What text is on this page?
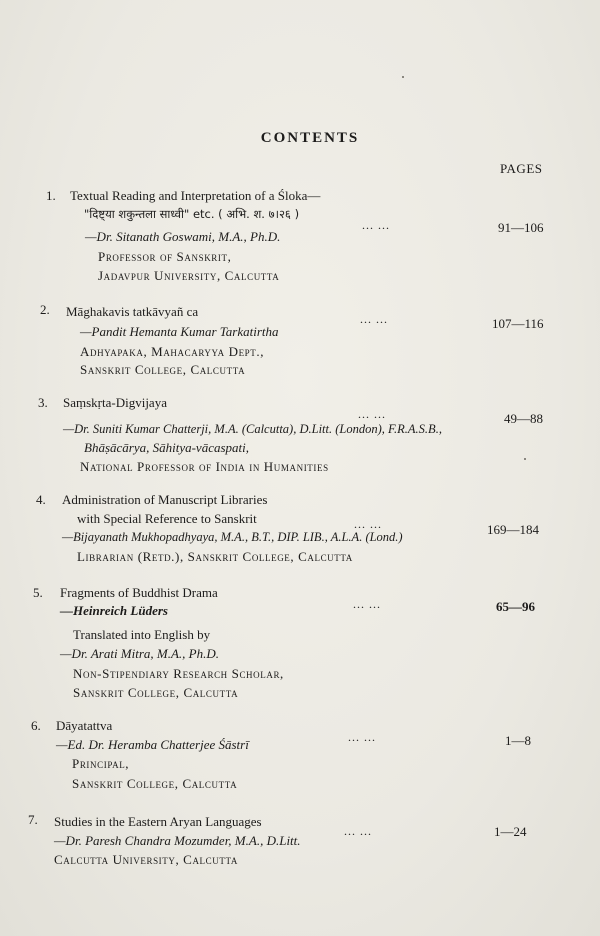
CONTENTS
PAGES
1. Textual Reading and Interpretation of a Śloka—
"दिष्ट्या शकुन्तला साध्वी" etc. ( अभि. श. ७।२६ )
—Dr. Sitanath Goswami, M.A., Ph.D.
Professor of Sanskrit,
Jadavpur University, Calcutta
... ...	91—106
2. Māghakavis tatkāvyañ ca
—Pandit Hemanta Kumar Tarkatirtha
Adhyapaka, Mahacaryya Dept.,
Sanskrit College, Calcutta
... ...	107—116
3. Saṃskṛta-Digvijaya
—Dr. Suniti Kumar Chatterji, M.A. (Calcutta), D.Litt. (London), F.R.A.S.B.,
Bhāṣācārya, Sāhitya-vācaspati,
National Professor of India in Humanities
... ...	49—88
4. Administration of Manuscript Libraries
with Special Reference to Sanskrit
—Bijayanath Mukhopadhyaya, M.A., B.T., DIP. LIB., A.L.A. (Lond.)
Librarian (Retd.), Sanskrit College, Calcutta
... ...	169—184
5. Fragments of Buddhist Drama
—Heinreich Lüders
Translated into English by
—Dr. Arati Mitra, M.A., Ph.D.
Non-Stipendiary Research Scholar,
Sanskrit College, Calcutta
... ...	65—96
6. Dāyatattva
—Ed. Dr. Heramba Chatterjee Śāstrī
Principal,
Sanskrit College, Calcutta
... ...	1—8
7. Studies in the Eastern Aryan Languages
—Dr. Paresh Chandra Mozumder, M.A., D.Litt.
Calcutta University, Calcutta
... ...	1—24
